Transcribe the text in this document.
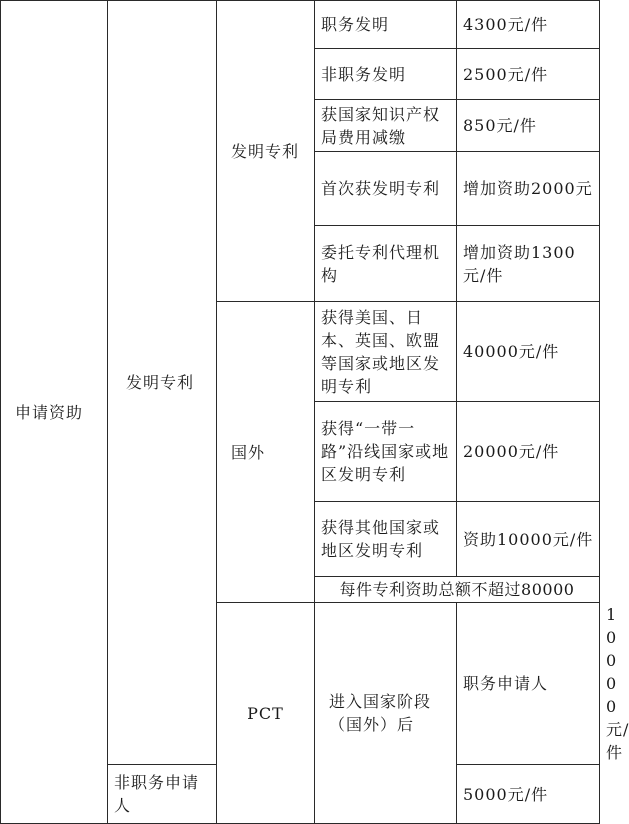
申请资助	发明专利	发明专利	职务发明	4300元/件	
			非职务发明	2500元/件	
			获国家知识产权局费用减缴	850元/件	
			首次获发明专利	增加资助2000元	
			委托专利代理机构	增加资助1300元/件	
		国外	获得美国、日本、英国、欧盟等国家或地区发明专利	40000元/件	
			获得“一带一路”沿线国家或地区发明专利	20000元/件	
			获得其他国家或地区发明专利	资助10000元/件	
			每件专利资助总额不超过80000		
		PCT	进入国家阶段（国外）后	职务申请人	10000元/件
	非职务申请人			5000元/件	
